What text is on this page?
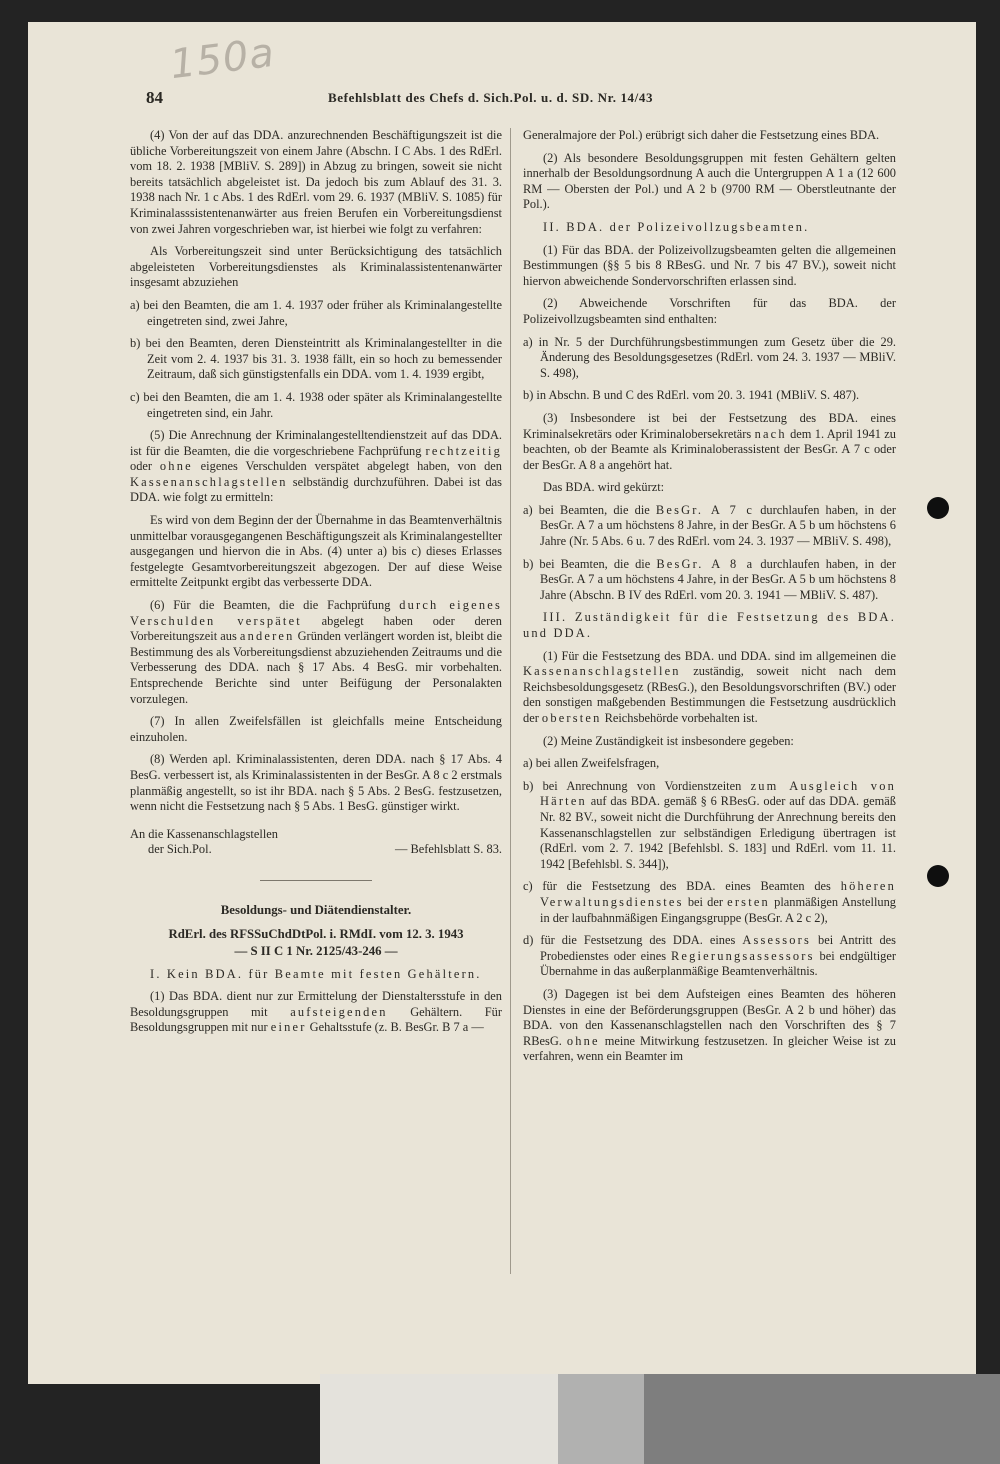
150a
84	Befehlsblatt des Chefs d. Sich.Pol. u. d. SD. Nr. 14/43

(4) Von der auf das DDA. anzurechnenden Beschäftigungszeit ist die übliche Vorbereitungszeit von einem Jahre (Abschn. I C Abs. 1 des RdErl. vom 18. 2. 1938 [MBliV. S. 289]) in Abzug zu bringen, soweit sie nicht bereits tatsächlich abgeleistet ist. Da jedoch bis zum Ablauf des 31. 3. 1938 nach Nr. 1 c Abs. 1 des RdErl. vom 29. 6. 1937 (MBliV. S. 1085) für Kriminalasssistentenanwärter aus freien Berufen ein Vorbereitungsdienst von zwei Jahren vorgeschrieben war, ist hierbei wie folgt zu verfahren:

Als Vorbereitungszeit sind unter Berücksichtigung des tatsächlich abgeleisteten Vorbereitungsdienstes als Kriminalassistentenanwärter insgesamt abzuziehen

a) bei den Beamten, die am 1. 4. 1937 oder früher als Kriminalangestellte eingetreten sind, zwei Jahre,

b) bei den Beamten, deren Diensteintritt als Kriminalangestellter in die Zeit vom 2. 4. 1937 bis 31. 3. 1938 fällt, ein so hoch zu bemessender Zeitraum, daß sich günstigstenfalls ein DDA. vom 1. 4. 1939 ergibt,

c) bei den Beamten, die am 1. 4. 1938 oder später als Kriminalangestellte eingetreten sind, ein Jahr.

(5) Die Anrechnung der Kriminalangestelltendienstzeit auf das DDA. ist für die Beamten, die die vorgeschriebene Fachprüfung rechtzeitig oder ohne eigenes Verschulden verspätet abgelegt haben, von den Kassenanschlagstellen selbständig durchzuführen. Dabei ist das DDA. wie folgt zu ermitteln:

Es wird von dem Beginn der der Übernahme in das Beamtenverhältnis unmittelbar vorausgegangenen Beschäftigungszeit als Kriminalangestellter ausgegangen und hiervon die in Abs. (4) unter a) bis c) dieses Erlasses festgelegte Gesamtvorbereitungszeit abgezogen. Der auf diese Weise ermittelte Zeitpunkt ergibt das verbesserte DDA.

(6) Für die Beamten, die die Fachprüfung durch eigenes Verschulden verspätet abgelegt haben oder deren Vorbereitungszeit aus anderen Gründen verlängert worden ist, bleibt die Bestimmung des als Vorbereitungsdienst abzuziehenden Zeitraums und die Verbesserung des DDA. nach § 17 Abs. 4 BesG. mir vorbehalten. Entsprechende Berichte sind unter Beifügung der Personalakten vorzulegen.

(7) In allen Zweifelsfällen ist gleichfalls meine Entscheidung einzuholen.

(8) Werden apl. Kriminalassistenten, deren DDA. nach § 17 Abs. 4 BesG. verbessert ist, als Kriminalassistenten in der BesGr. A 8 c 2 erstmals planmäßig angestellt, so ist ihr BDA. nach § 5 Abs. 2 BesG. festzusetzen, wenn nicht die Festsetzung nach § 5 Abs. 1 BesG. günstiger wirkt.

An die Kassenanschlagstellen
der Sich.Pol.	— Befehlsblatt S. 83.

Besoldungs- und Diätendienstalter.

RdErl. des RFSSuChdDtPol. i. RMdI. vom 12. 3. 1943
— S II C 1 Nr. 2125/43-246 —

I. Kein BDA. für Beamte mit festen Gehältern.

(1) Das BDA. dient nur zur Ermittelung der Dienstaltersstufe in den Besoldungsgruppen mit aufsteigenden Gehältern. Für Besoldungsgruppen mit nur einer Gehaltsstufe (z. B. BesGr. B 7 a —

Generalmajore der Pol.) erübrigt sich daher die Festsetzung eines BDA.

(2) Als besondere Besoldungsgruppen mit festen Gehältern gelten innerhalb der Besoldungsordnung A auch die Untergruppen A 1 a (12 600 RM — Obersten der Pol.) und A 2 b (9700 RM — Oberstleutnante der Pol.).

II. BDA. der Polizeivollzugsbeamten.

(1) Für das BDA. der Polizeivollzugsbeamten gelten die allgemeinen Bestimmungen (§§ 5 bis 8 RBesG. und Nr. 7 bis 47 BV.), soweit nicht hiervon abweichende Sondervorschriften erlassen sind.

(2) Abweichende Vorschriften für das BDA. der Polizeivollzugsbeamten sind enthalten:

a) in Nr. 5 der Durchführungsbestimmungen zum Gesetz über die 29. Änderung des Besoldungsgesetzes (RdErl. vom 24. 3. 1937 — MBliV. S. 498),

b) in Abschn. B und C des RdErl. vom 20. 3. 1941 (MBliV. S. 487).

(3) Insbesondere ist bei der Festsetzung des BDA. eines Kriminalsekretärs oder Kriminalobersekretärs nach dem 1. April 1941 zu beachten, ob der Beamte als Kriminaloberassistent der BesGr. A 7 c oder der BesGr. A 8 a angehört hat.

Das BDA. wird gekürzt:

a) bei Beamten, die die BesGr. A 7 c durchlaufen haben, in der BesGr. A 7 a um höchstens 8 Jahre, in der BesGr. A 5 b um höchstens 6 Jahre (Nr. 5 Abs. 6 u. 7 des RdErl. vom 24. 3. 1937 — MBliV. S. 498),

b) bei Beamten, die die BesGr. A 8 a durchlaufen haben, in der BesGr. A 7 a um höchstens 4 Jahre, in der BesGr. A 5 b um höchstens 8 Jahre (Abschn. B IV des RdErl. vom 20. 3. 1941 — MBliV. S. 487).

III. Zuständigkeit für die Festsetzung des BDA. und DDA.

(1) Für die Festsetzung des BDA. und DDA. sind im allgemeinen die Kassenanschlagstellen zuständig, soweit nicht nach dem Reichsbesoldungsgesetz (RBesG.), den Besoldungsvorschriften (BV.) oder den sonstigen maßgebenden Bestimmungen die Festsetzung ausdrücklich der obersten Reichsbehörde vorbehalten ist.

(2) Meine Zuständigkeit ist insbesondere gegeben:

a) bei allen Zweifelsfragen,

b) bei Anrechnung von Vordienstzeiten zum Ausgleich von Härten auf das BDA. gemäß § 6 RBesG. oder auf das DDA. gemäß Nr. 82 BV., soweit nicht die Durchführung der Anrechnung bereits den Kassenanschlagstellen zur selbständigen Erledigung übertragen ist (RdErl. vom 2. 7. 1942 [Befehlsbl. S. 183] und RdErl. vom 11. 11. 1942 [Befehlsbl. S. 344]),

c) für die Festsetzung des BDA. eines Beamten des höheren Verwaltungsdienstes bei der ersten planmäßigen Anstellung in der laufbahnmäßigen Eingangsgruppe (BesGr. A 2 c 2),

d) für die Festsetzung des DDA. eines Assessors bei Antritt des Probedienstes oder eines Regierungsassessors bei endgültiger Übernahme in das außerplanmäßige Beamtenverhältnis.

(3) Dagegen ist bei dem Aufsteigen eines Beamten des höheren Dienstes in eine der Beförderungsgruppen (BesGr. A 2 b und höher) das BDA. von den Kassenanschlagstellen nach den Vorschriften des § 7 RBesG. ohne meine Mitwirkung festzusetzen. In gleicher Weise ist zu verfahren, wenn ein Beamter im
